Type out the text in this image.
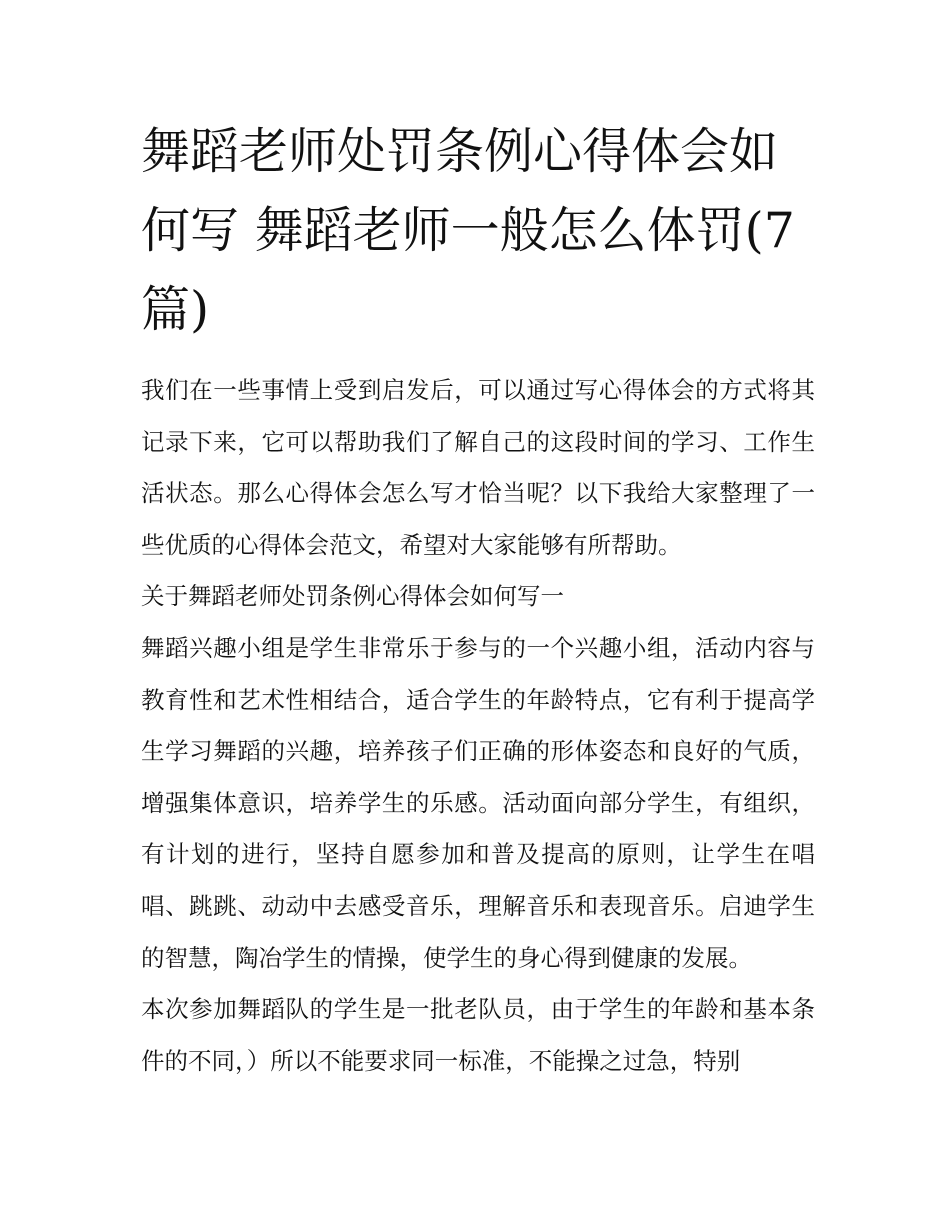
舞蹈老师处罚条例心得体会如何写 舞蹈老师一般怎么体罚(7篇)

我们在一些事情上受到启发后，可以通过写心得体会的方式将其记录下来，它可以帮助我们了解自己的这段时间的学习、工作生活状态。那么心得体会怎么写才恰当呢？以下我给大家整理了一些优质的心得体会范文，希望对大家能够有所帮助。

关于舞蹈老师处罚条例心得体会如何写一

舞蹈兴趣小组是学生非常乐于参与的一个兴趣小组，活动内容与教育性和艺术性相结合，适合学生的年龄特点，它有利于提高学生学习舞蹈的兴趣，培养孩子们正确的形体姿态和良好的气质，增强集体意识，培养学生的乐感。活动面向部分学生，有组织，有计划的进行，坚持自愿参加和普及提高的原则，让学生在唱唱、跳跳、动动中去感受音乐，理解音乐和表现音乐。启迪学生的智慧，陶冶学生的情操，使学生的身心得到健康的发展。

本次参加舞蹈队的学生是一批老队员，由于学生的年龄和基本条件的不同，）所以不能要求同一标准，不能操之过急，特别
